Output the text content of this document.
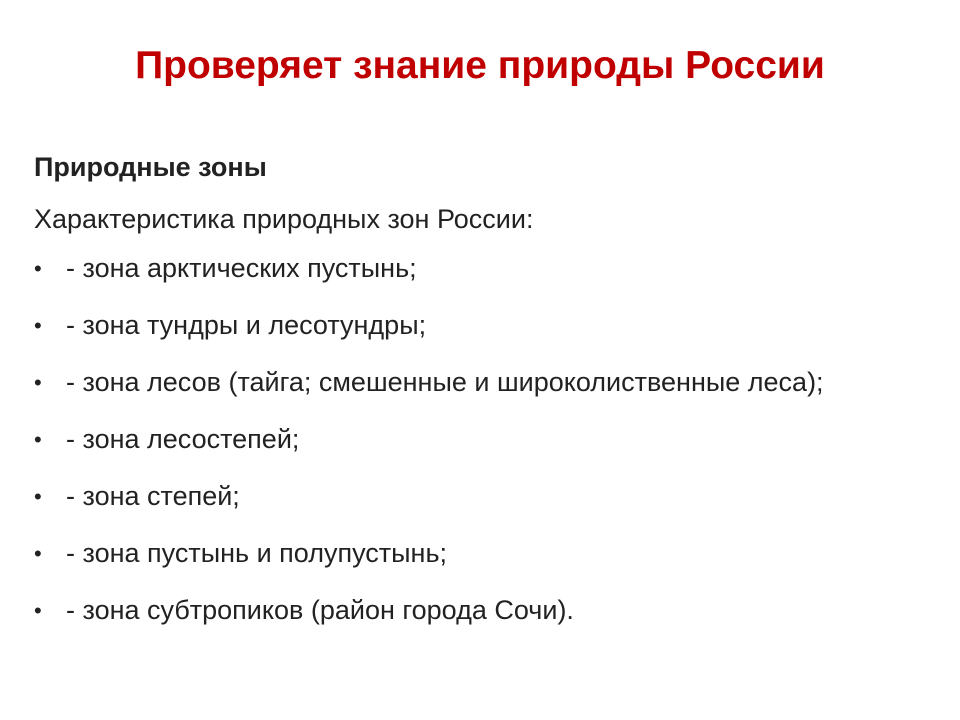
Проверяет знание природы России
Природные зоны
Характеристика природных зон России:
• - зона арктических пустынь;
• - зона тундры и лесотундры;
• - зона лесов (тайга; смешенные и широколиственные леса);
• - зона лесостепей;
• - зона степей;
• - зона пустынь и полупустынь;
• - зона субтропиков (район города Сочи).
